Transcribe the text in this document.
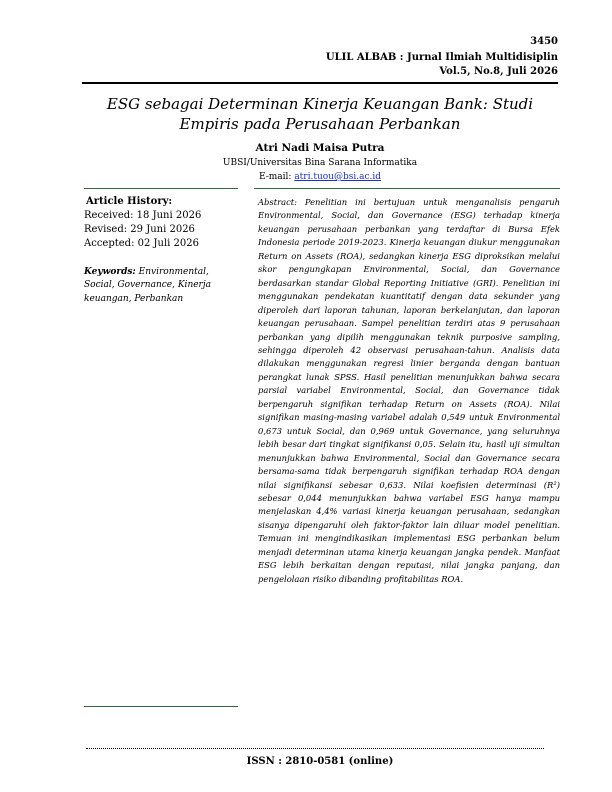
3450
ULIL ALBAB : Jurnal Ilmiah Multidisiplin
Vol.5, No.8, Juli 2026
ESG sebagai Determinan Kinerja Keuangan Bank: Studi Empiris pada Perusahaan Perbankan
Atri Nadi Maisa Putra
UBSI/Universitas Bina Sarana Informatika
E-mail: atri.tuou@bsi.ac.id
Article History:
Received: 18 Juni 2026
Revised: 29 Juni 2026
Accepted: 02 Juli 2026
Keywords: Environmental, Social, Governance, Kinerja keuangan, Perbankan
Abstract: Penelitian ini bertujuan untuk menganalisis pengaruh Environmental, Social, dan Governance (ESG) terhadap kinerja keuangan perusahaan perbankan yang terdaftar di Bursa Efek Indonesia periode 2019-2023. Kinerja keuangan diukur menggunakan Return on Assets (ROA), sedangkan kinerja ESG diproksikan melalui skor pengungkapan Environmental, Social, dan Governance berdasarkan standar Global Reporting Initiative (GRI). Penelitian ini menggunakan pendekatan kuantitatif dengan data sekunder yang diperoleh dari laporan tahunan, laporan berkelanjutan, dan laporan keuangan perusahaan. Sampel penelitian terdiri atas 9 perusahaan perbankan yang dipilih menggunakan teknik purposive sampling, sehingga diperoleh 42 observasi perusahaan-tahun. Analisis data dilakukan menggunakan regresi linier berganda dengan bantuan perangkat lunak SPSS. Hasil penelitian menunjukkan bahwa secara parsial variabel Environmental, Social, dan Governance tidak berpengaruh signifikan terhadap Return on Assets (ROA). Nilai signifikan masing-masing variabel adalah 0,549 untuk Environmental 0,673 untuk Social, dan 0,969 untuk Governance, yang seluruhnya lebih besar dari tingkat signifikansi 0,05. Selain itu, hasil uji simultan menunjukkan bahwa Environmental, Social dan Governance secara bersama-sama tidak berpengaruh signifikan terhadap ROA dengan nilai signifikansi sebesar 0,633. Nilai koefisien determinasi (R²) sebesar 0,044 menunjukkan bahwa variabel ESG hanya mampu menjelaskan 4,4% variasi kinerja keuangan perusahaan, sedangkan sisanya dipengaruhi oleh faktor-faktor lain diluar model penelitian. Temuan ini mengindikasikan implementasi ESG perbankan belum menjadi determinan utama kinerja keuangan jangka pendek. Manfaat ESG lebih berkaitan dengan reputasi, nilai jangka panjang, dan pengelolaan risiko dibanding profitabilitas ROA.
ISSN : 2810-0581 (online)
